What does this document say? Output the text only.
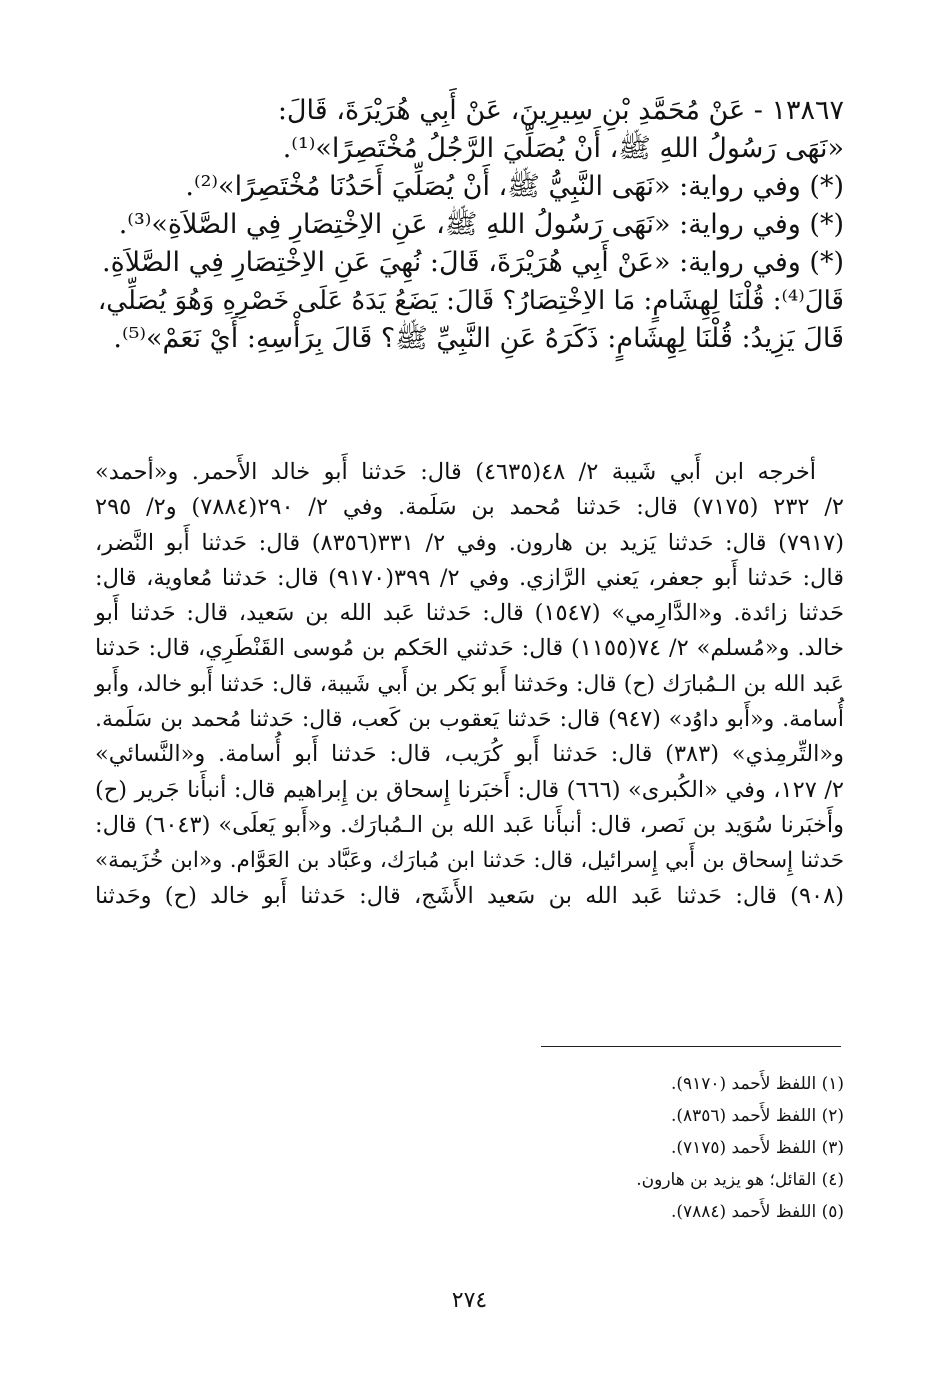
١٣٨٦٧ - عَنْ مُحَمَّدِ بْنِ سِيرِينَ، عَنْ أَبِي هُرَيْرَةَ، قَالَ:
«نَهَى رَسُولُ اللهِ ﷺ، أَنْ يُصَلِّيَ الرَّجُلُ مُخْتَصِرًا»⁽¹⁾.
(*) وفي رواية: «نَهَى النَّبِيُّ ﷺ، أَنْ يُصَلِّيَ أَحَدُنَا مُخْتَصِرًا»⁽²⁾.
(*) وفي رواية: «نَهَى رَسُولُ اللهِ ﷺ، عَنِ الاِخْتِصَارِ فِي الصَّلاَةِ»⁽³⁾.
(*) وفي رواية: «عَنْ أَبِي هُرَيْرَةَ، قَالَ: نُهِيَ عَنِ الاِخْتِصَارِ فِي الصَّلاَةِ.
قَالَ⁽⁴⁾: قُلْنَا لِهِشَامٍ: مَا الاِخْتِصَارُ؟ قَالَ: يَضَعُ يَدَهُ عَلَى خَصْرِهِ وَهُوَ يُصَلِّي،
قَالَ يَزِيدُ: قُلْنَا لِهِشَامٍ: ذَكَرَهُ عَنِ النَّبِيِّ ﷺ؟ قَالَ بِرَأْسِهِ: أَيْ نَعَمْ»⁽⁵⁾.
أخرجه ابن أَبي شَيبة ٢/ ٤٨(٤٦٣٥) قال: حَدثنا أَبو خالد الأَحمر. و«أحمد»
٢/ ٢٣٢ (٧١٧٥) قال: حَدثنا مُحمد بن سَلَمة. وفي ٢/ ٢٩٠(٧٨٨٤) و٢/ ٢٩٥
(٧٩١٧) قال: حَدثنا يَزيد بن هارون. وفي ٢/ ٣٣١(٨٣٥٦) قال: حَدثنا أَبو النَّضر،
قال: حَدثنا أَبو جعفر، يَعني الرَّازي. وفي ٢/ ٣٩٩(٩١٧٠) قال: حَدثنا مُعاوية، قال:
حَدثنا زائدة. و«الدَّارِمي» (١٥٤٧) قال: حَدثنا عَبد الله بن سَعيد، قال: حَدثنا أَبو
خالد. و«مُسلم» ٢/ ٧٤(١١٥٥) قال: حَدثني الحَكم بن مُوسى القَنْطَرِي، قال: حَدثنا
عَبد الله بن الـمُبارَك (ح) قال: وحَدثنا أَبو بَكر بن أَبي شَيبة، قال: حَدثنا أَبو خالد، وأَبو
أُسامة. و«أَبو داوُد» (٩٤٧) قال: حَدثنا يَعقوب بن كَعب، قال: حَدثنا مُحمد بن سَلَمة.
و«التِّرمِذي» (٣٨٣) قال: حَدثنا أَبو كُرَيب، قال: حَدثنا أَبو أُسامة. و«النَّسائي»
٢/ ١٢٧، وفي «الكُبرى» (٦٦٦) قال: أَخبَرنا إِسحاق بن إِبراهيم قال: أنبأَنا جَرير (ح)
وأَخبَرنا سُوَيد بن نَصر، قال: أنبأَنا عَبد الله بن الـمُبارَك. و«أَبو يَعلَى» (٦٠٤٣) قال:
حَدثنا إِسحاق بن أَبي إِسرائيل، قال: حَدثنا ابن مُبارَك، وعَبَّاد بن العَوَّام. و«ابن خُزَيمة»
(٩٠٨) قال: حَدثنا عَبد الله بن سَعيد الأَشَج، قال: حَدثنا أَبو خالد (ح) وحَدثنا
(١) اللفظ لأَحمد (٩١٧٠).
(٢) اللفظ لأَحمد (٨٣٥٦).
(٣) اللفظ لأَحمد (٧١٧٥).
(٤) القائل؛ هو يزيد بن هارون.
(٥) اللفظ لأَحمد (٧٨٨٤).
٢٧٤
